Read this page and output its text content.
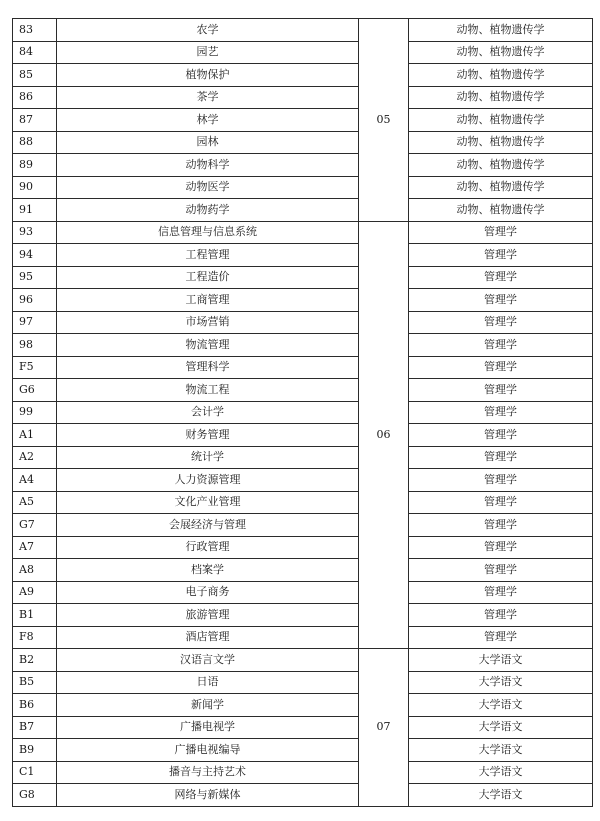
83	农学	05	动物、植物遗传学
84	园艺		动物、植物遗传学
85	植物保护		动物、植物遗传学
86	茶学		动物、植物遗传学
87	林学		动物、植物遗传学
88	园林		动物、植物遗传学
89	动物科学		动物、植物遗传学
90	动物医学		动物、植物遗传学
91	动物药学		动物、植物遗传学
93	信息管理与信息系统	06	管理学
94	工程管理		管理学
95	工程造价		管理学
96	工商管理		管理学
97	市场营销		管理学
98	物流管理		管理学
F5	管理科学		管理学
G6	物流工程		管理学
99	会计学		管理学
A1	财务管理		管理学
A2	统计学		管理学
A4	人力资源管理		管理学
A5	文化产业管理		管理学
G7	会展经济与管理		管理学
A7	行政管理		管理学
A8	档案学		管理学
A9	电子商务		管理学
B1	旅游管理		管理学
F8	酒店管理		管理学
B2	汉语言文学	07	大学语文
B5	日语		大学语文
B6	新闻学		大学语文
B7	广播电视学		大学语文
B9	广播电视编导		大学语文
C1	播音与主持艺术		大学语文
G8	网络与新媒体		大学语文
